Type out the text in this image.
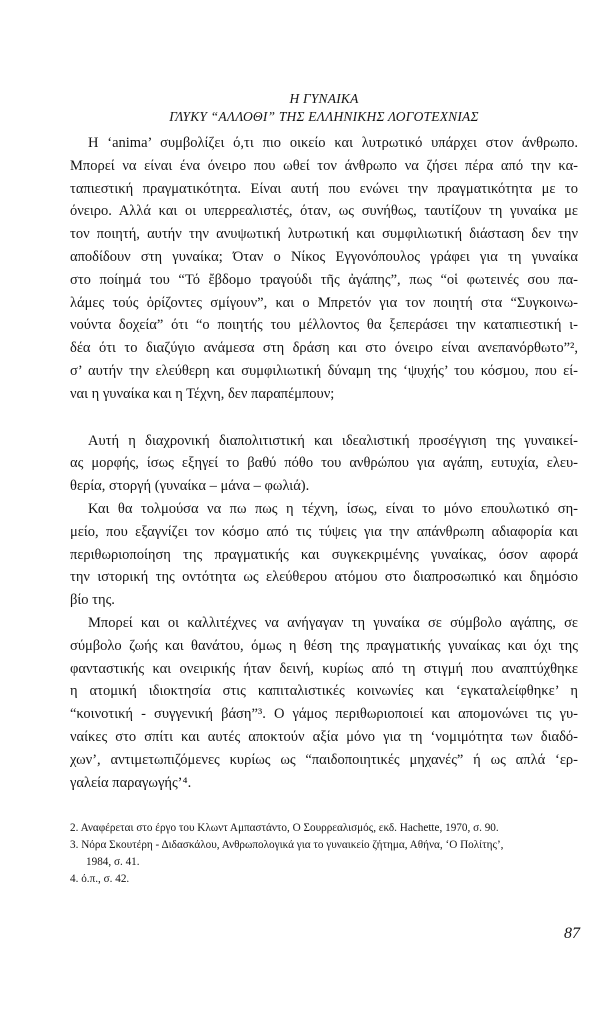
Η ΓΥΝΑΙΚΑ
ΓΛΥΚΥ “ΑΛΛΟΘΙ” ΤΗΣ ΕΛΛΗΝΙΚΗΣ ΛΟΓΟΤΕΧΝΙΑΣ
Η ‘anima’ συμβολίζει ό,τι πιο οικείο και λυτρωτικό υπάρχει στον άνθρωπο.
Μπορεί να είναι ένα όνειρο που ωθεί τον άνθρωπο να ζήσει πέρα από την κα-
ταπιεστική πραγματικότητα. Είναι αυτή που ενώνει την πραγματικότητα με το
όνειρο. Αλλά και οι υπερρεαλιστές, όταν, ως συνήθως, ταυτίζουν τη γυναίκα με
τον ποιητή, αυτήν την ανυψωτική λυτρωτική και συμφιλιωτική διάσταση δεν την
αποδίδουν στη γυναίκα; Όταν ο Νίκος Εγγονόπουλος γράφει για τη γυναίκα
στο ποίημά του “Τό ἔβδομο τραγούδι τῆς ἀγάπης”, πως “οἱ φωτεινές σου πα-
λάμες τούς ὁρίζοντες σμίγουν”, και ο Μπρετόν για τον ποιητή στα “Συγκοινω-
νούντα δοχεία” ότι “ο ποιητής του μέλλοντος θα ξεπεράσει την καταπιεστική ι-
δέα ότι το διαζύγιο ανάμεσα στη δράση και στο όνειρο είναι ανεπανόρθωτο”²,
σ’ αυτήν την ελεύθερη και συμφιλιωτική δύναμη της ‘ψυχής’ του κόσμου, που εί-
ναι η γυναίκα και η Τέχνη, δεν παραπέμπουν;
Αυτή η διαχρονική διαπολιτιστική και ιδεαλιστική προσέγγιση της γυναικεί-
ας μορφής, ίσως εξηγεί το βαθύ πόθο του ανθρώπου για αγάπη, ευτυχία, ελευ-
θερία, στοργή (γυναίκα – μάνα – φωλιά).
Και θα τολμούσα να πω πως η τέχνη, ίσως, είναι το μόνο επουλωτικό ση-
μείο, που εξαγνίζει τον κόσμο από τις τύψεις για την απάνθρωπη αδιαφορία και
περιθωριοποίηση της πραγματικής και συγκεκριμένης γυναίκας, όσον αφορά
την ιστορική της οντότητα ως ελεύθερου ατόμου στο διαπροσωπικό και δημόσιο
βίο της.
Μπορεί και οι καλλιτέχνες να ανήγαγαν τη γυναίκα σε σύμβολο αγάπης, σε
σύμβολο ζωής και θανάτου, όμως η θέση της πραγματικής γυναίκας και όχι της
φανταστικής και ονειρικής ήταν δεινή, κυρίως από τη στιγμή που αναπτύχθηκε
η ατομική ιδιοκτησία στις καπιταλιστικές κοινωνίες και ‘εγκαταλείφθηκε’ η
“κοινοτική - συγγενική βάση”³. Ο γάμος περιθωριοποιεί και απομονώνει τις γυ-
ναίκες στο σπίτι και αυτές αποκτούν αξία μόνο για τη ‘νομιμότητα των διαδό-
χων’, αντιμετωπιζόμενες κυρίως ως “παιδοποιητικές μηχανές” ή ως απλά ‘ερ-
γαλεία παραγωγής’⁴.
2. Αναφέρεται στο έργο του Κλωντ Αμπαστάντο, Ο Σουρρεαλισμός, εκδ. Hachette, 1970, σ. 90.
3. Νόρα Σκουτέρη - Διδασκάλου, Ανθρωπολογικά για το γυναικείο ζήτημα, Αθήνα, ‘Ο Πολίτης’,
1984, σ. 41.
4. ό.π., σ. 42.
87
